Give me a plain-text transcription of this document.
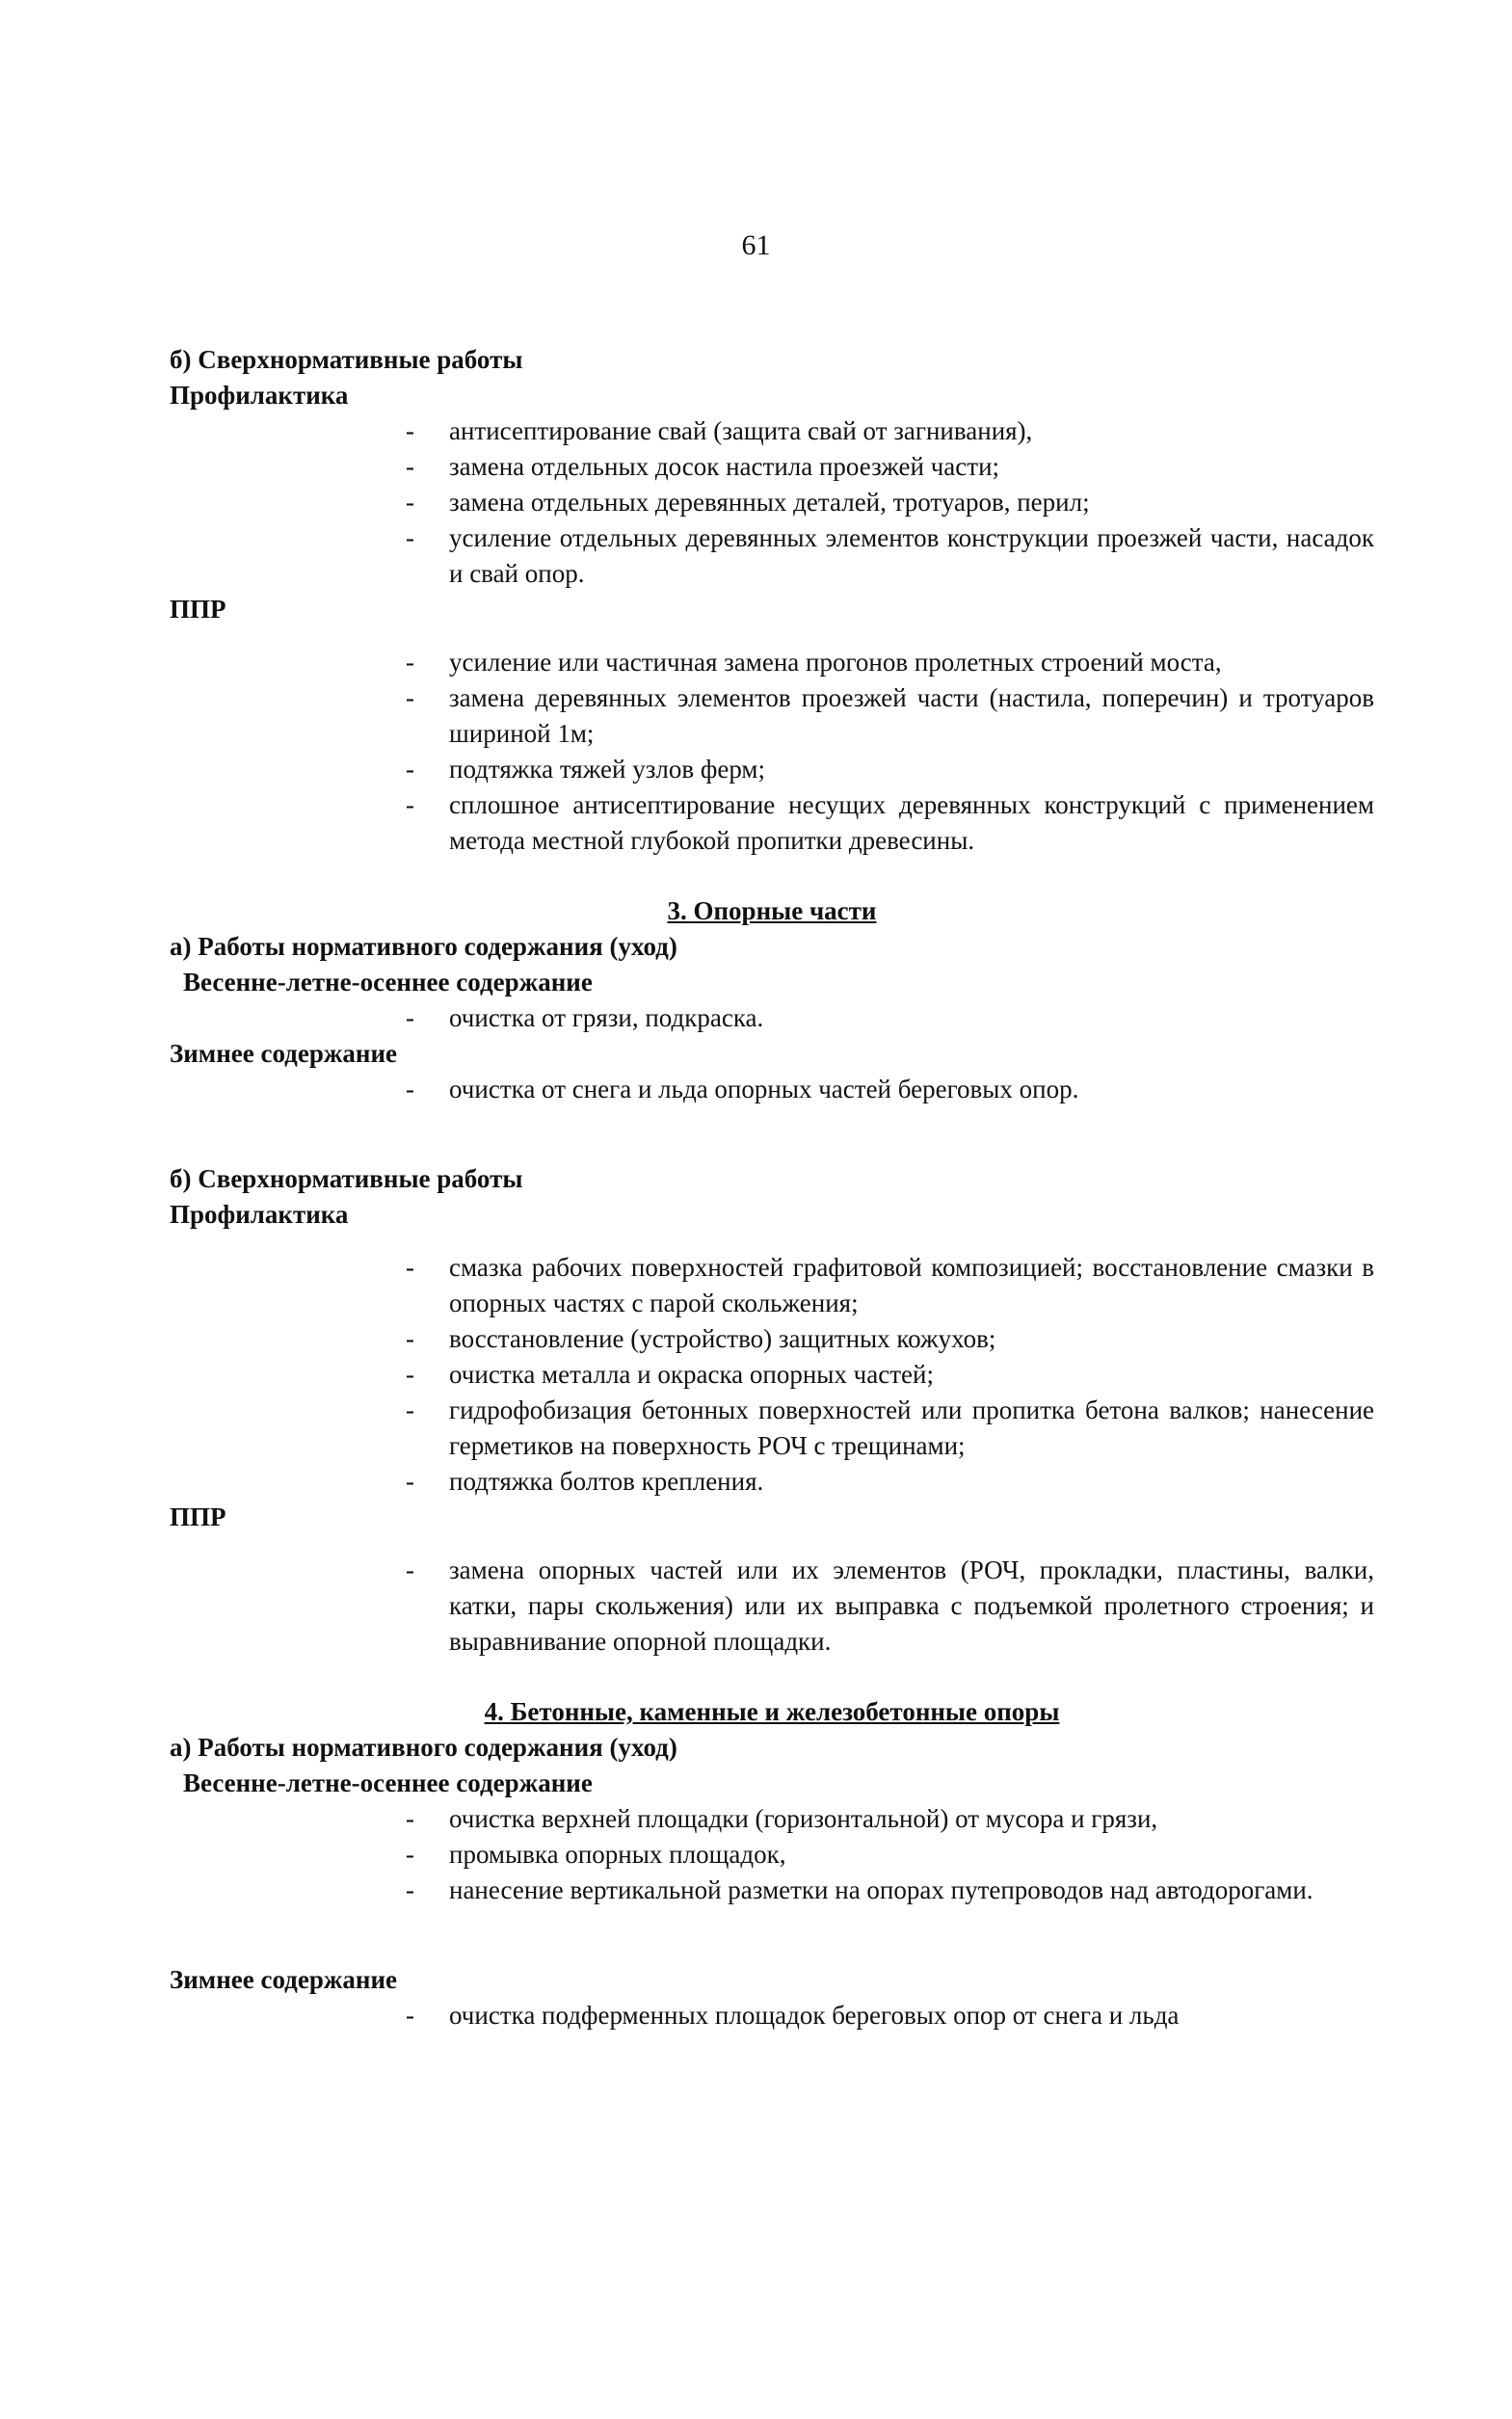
61

б) Сверхнормативные работы

Профилактика

- антисептирование свай (защита свай от загнивания),
- замена отдельных досок настила проезжей части;
- замена отдельных деревянных деталей, тротуаров, перил;
- усиление отдельных деревянных элементов конструкции проезжей части, насадок и свай опор.

ППР

- усиление или частичная замена прогонов пролетных строений моста,
- замена деревянных элементов проезжей части (настила, поперечин) и тротуаров шириной 1м;
- подтяжка тяжей узлов ферм;
- сплошное антисептирование несущих деревянных конструкций с применением метода местной глубокой пропитки древесины.

3. Опорные части

а) Работы нормативного содержания (уход)

Весенне-летне-осеннее содержание

- очистка от грязи, подкраска.

Зимнее содержание

- очистка от снега и льда опорных частей береговых опор.

б) Сверхнормативные работы

Профилактика

- смазка рабочих поверхностей графитовой композицией; восстановление смазки в опорных частях с парой скольжения;
- восстановление (устройство) защитных кожухов;
- очистка металла и окраска опорных частей;
- гидрофобизация бетонных поверхностей или пропитка бетона валков; нанесение герметиков на поверхность РОЧ с трещинами;
- подтяжка болтов крепления.

ППР

- замена опорных частей или их элементов (РОЧ, прокладки, пластины, валки, катки, пары скольжения) или их выправка с подъемкой пролетного строения; и выравнивание опорной площадки.

4. Бетонные, каменные и железобетонные опоры

а) Работы нормативного содержания (уход)

Весенне-летне-осеннее содержание

- очистка верхней площадки (горизонтальной) от мусора и грязи,
- промывка опорных площадок,
- нанесение вертикальной разметки на опорах путепроводов над автодорогами.

Зимнее содержание

- очистка подферменных площадок береговых опор от снега и льда
